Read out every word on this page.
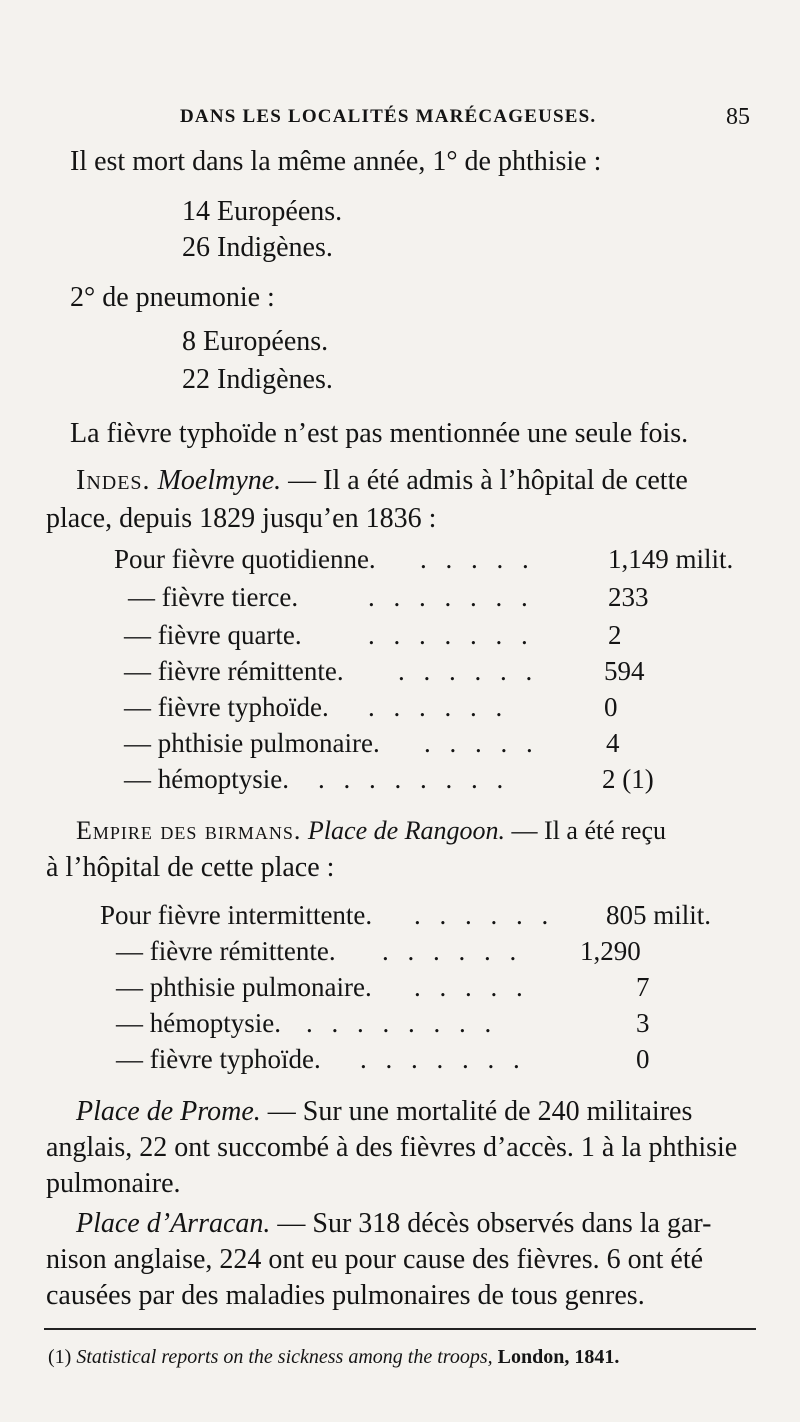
DANS LES LOCALITÉS MARÉCAGEUSES.	85
Il est mort dans la même année, 1° de phthisie :
14 Européens.
26 Indigènes.
2° de pneumonie :
8 Européens.
22 Indigènes.
La fièvre typhoïde n’est pas mentionnée une seule fois.
Indes. Moelmyne. — Il a été admis à l’hôpital de cette
place, depuis 1829 jusqu’en 1836 :
Pour fièvre quotidienne. . . . . .	1,149 milit.
— fièvre tierce.	. . . . . . .	233
— fièvre quarte. . . . . . . .	2
— fièvre rémittente. . . . . . . 594
— fièvre typhoïde. . . . . . .	0
— phthisie pulmonaire. . . . . . 4
— hémoptysie. . . . . . . . .	2 (1)
Empire des birmans. Place de Rangoon. — Il a été reçu
à l’hôpital de cette place :
Pour fièvre intermittente. . . . . . . 805 milit.
— fièvre rémittente. . . . . . . 1,290
— phthisie pulmonaire. . . . . .	7
— hémoptysie. . . . . . . . .	3
— fièvre typhoïde. . . . . . . .	0
Place de Prome. — Sur une mortalité de 240 militaires
anglais, 22 ont succombé à des fièvres d’accès. 1 à la phthisie
pulmonaire.
Place d’Arracan. — Sur 318 décès observés dans la gar-
nison anglaise, 224 ont eu pour cause des fièvres. 6 ont été
causées par des maladies pulmonaires de tous genres.
(1) Statistical reports on the sickness among the troops, London, 1841.
